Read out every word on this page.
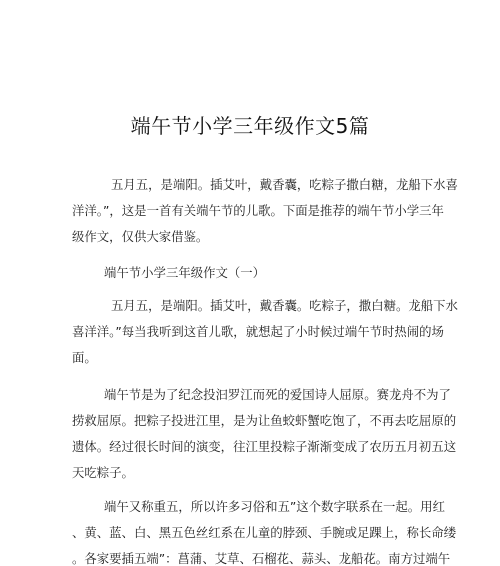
端午节小学三年级作文5篇
五月五，是端阳。插艾叶，戴香囊，吃粽子撒白糖，龙船下水喜
洋洋。”，这是一首有关端午节的儿歌。下面是推荐的端午节小学三年
级作文，仅供大家借鉴。
端午节小学三年级作文（一）
五月五，是端阳。插艾叶，戴香囊。吃粽子，撒白糖。龙船下水
喜洋洋。”每当我听到这首儿歌，就想起了小时候过端午节时热闹的场
面。
端午节是为了纪念投汩罗江而死的爱国诗人屈原。赛龙舟不为了
捞救屈原。把粽子投进江里，是为让鱼蛟虾蟹吃饱了，不再去吃屈原的
遗体。经过很长时间的演变，往江里投粽子渐渐变成了农历五月初五这
天吃粽子。
端午又称重五，所以许多习俗和五”这个数字联系在一起。用红
、黄、蓝、白、黑五色丝红系在儿童的脖颈、手腕或足踝上，称长命缕
。各家要插五端”：菖蒲、艾草、石榴花、蒜头、龙船花。南方过端午
